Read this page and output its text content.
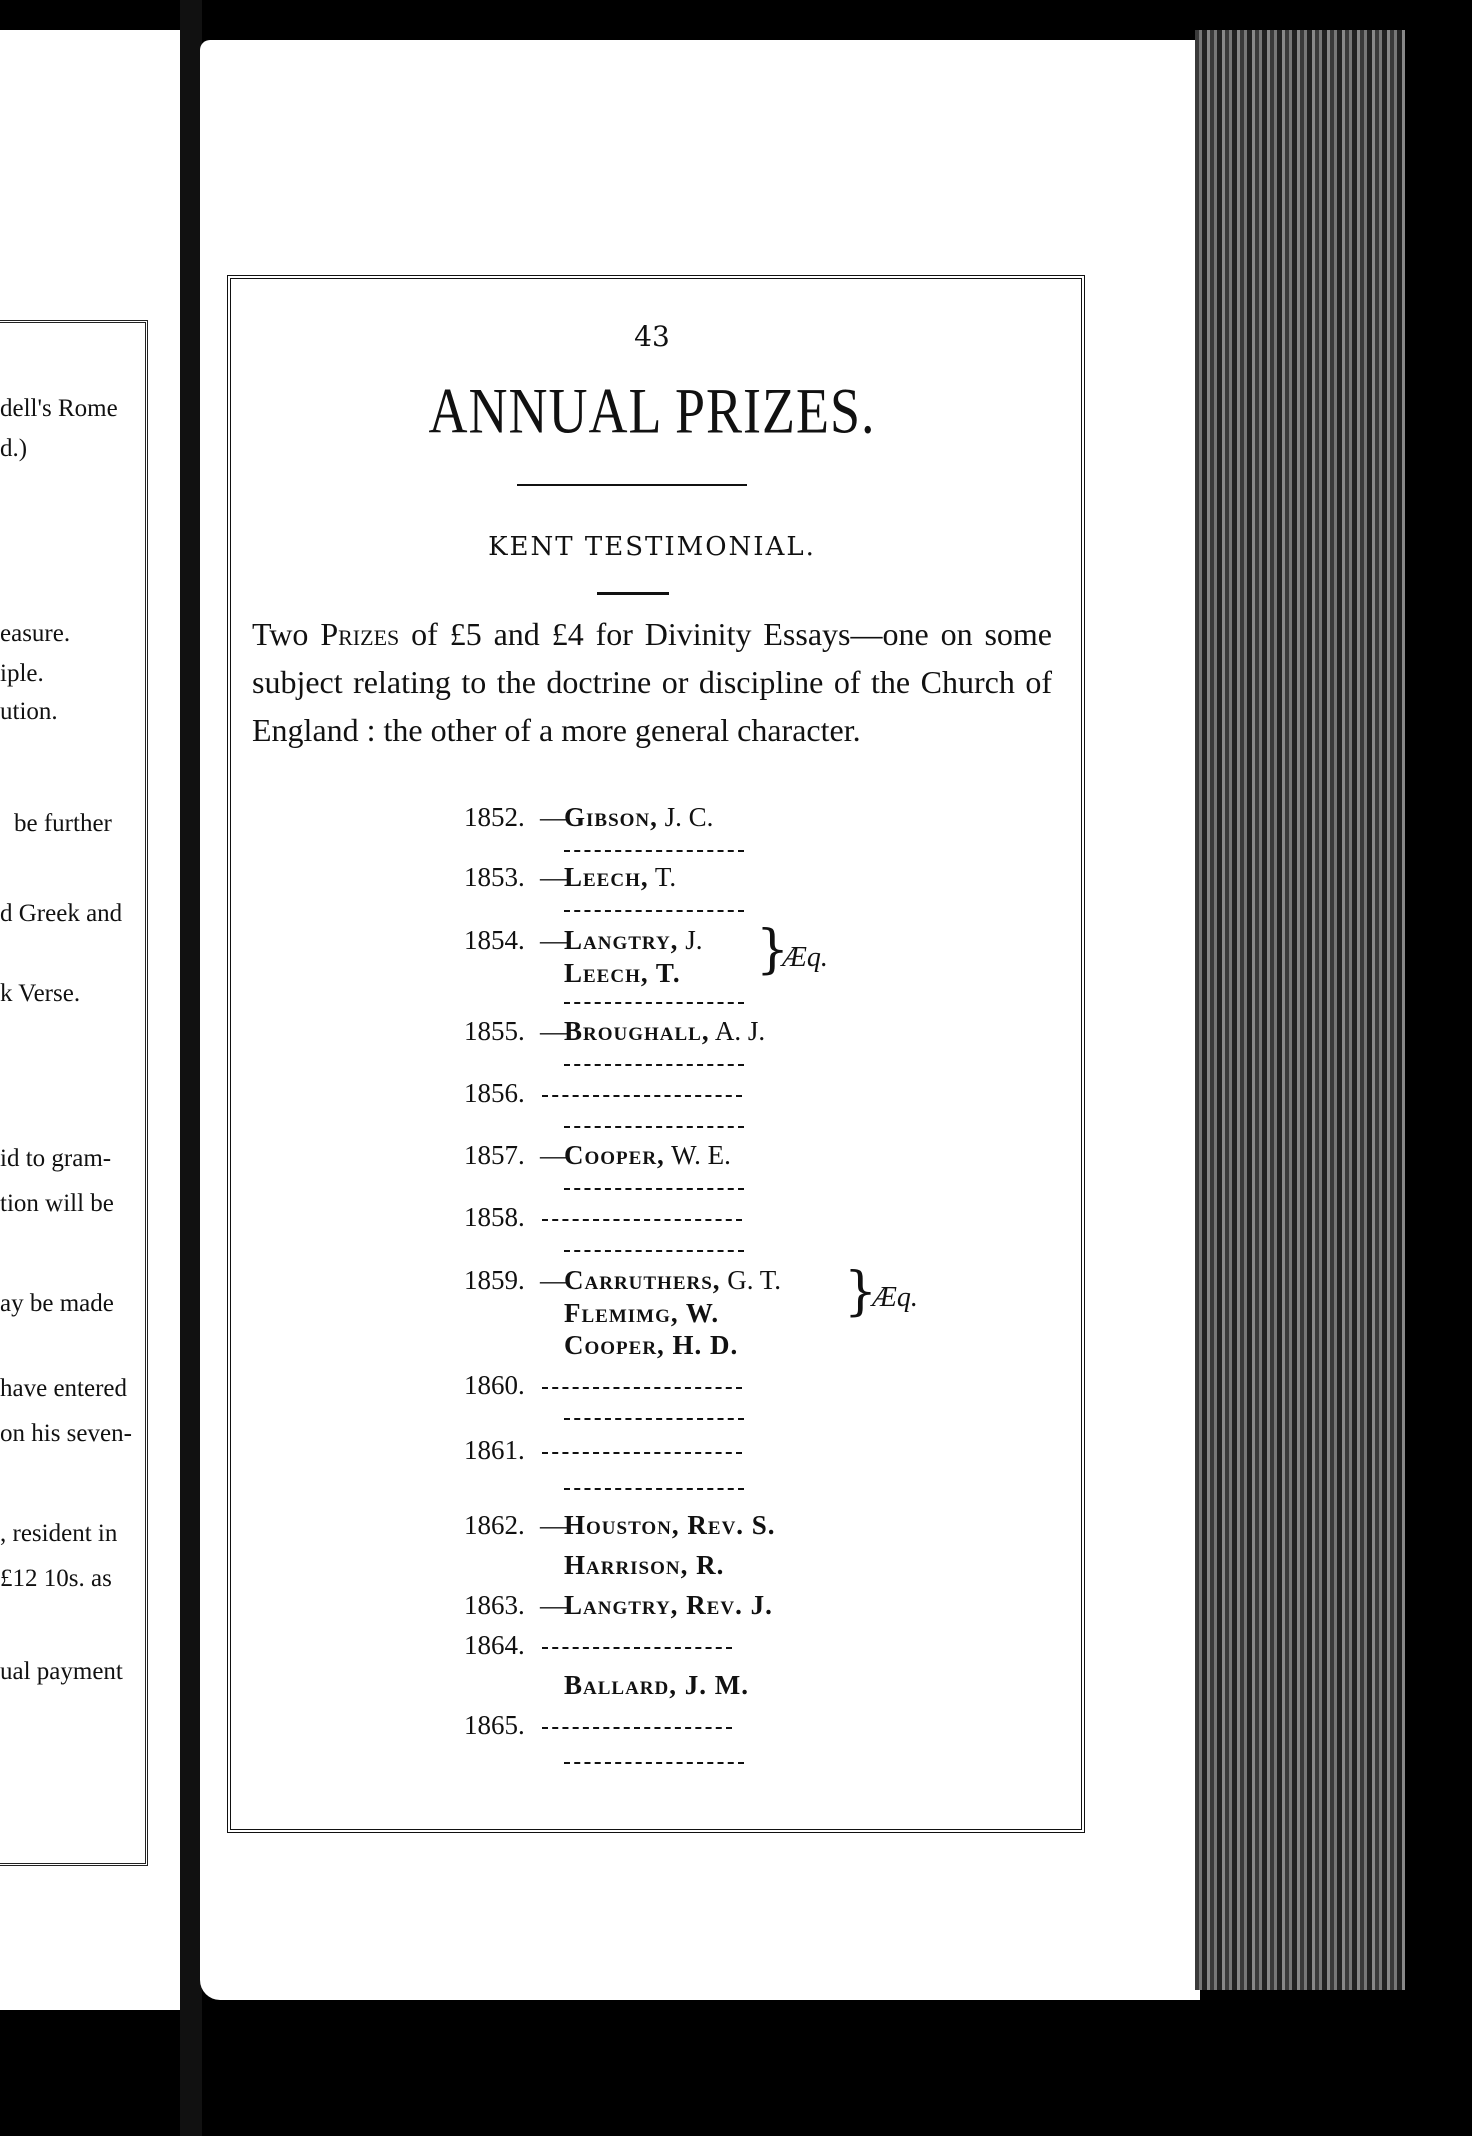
dell's Rome
d.)
easure.
iple.
ution.
be further
d Greek and
k Verse.
id to gram-
tion will be
ay be made
have entered
on his seven-
, resident in
£12 10s. as
ual payment
43
ANNUAL PRIZES.
KENT TESTIMONIAL.
Two Prizes of £5 and £4 for Divinity Essays—one on some subject relating to the doctrine or discipline of the Church of England : the other of a more general character.
1852. —Gibson, J. C.
1853. —Leech, T.
1854. —Langtry, J.
Leech, T. }
Æq.
1855. —Broughall, A. J.
1856.
1857. —Cooper, W. E.
1858.
1859. —Carruthers, G. T.
Flemimg, W.
Cooper, H. D.
}
Æq.
1860.
1861.
1862. —Houston, Rev. S.
Harrison, R.
1863. —Langtry, Rev. J.
1864.
Ballard, J. M.
1865.
